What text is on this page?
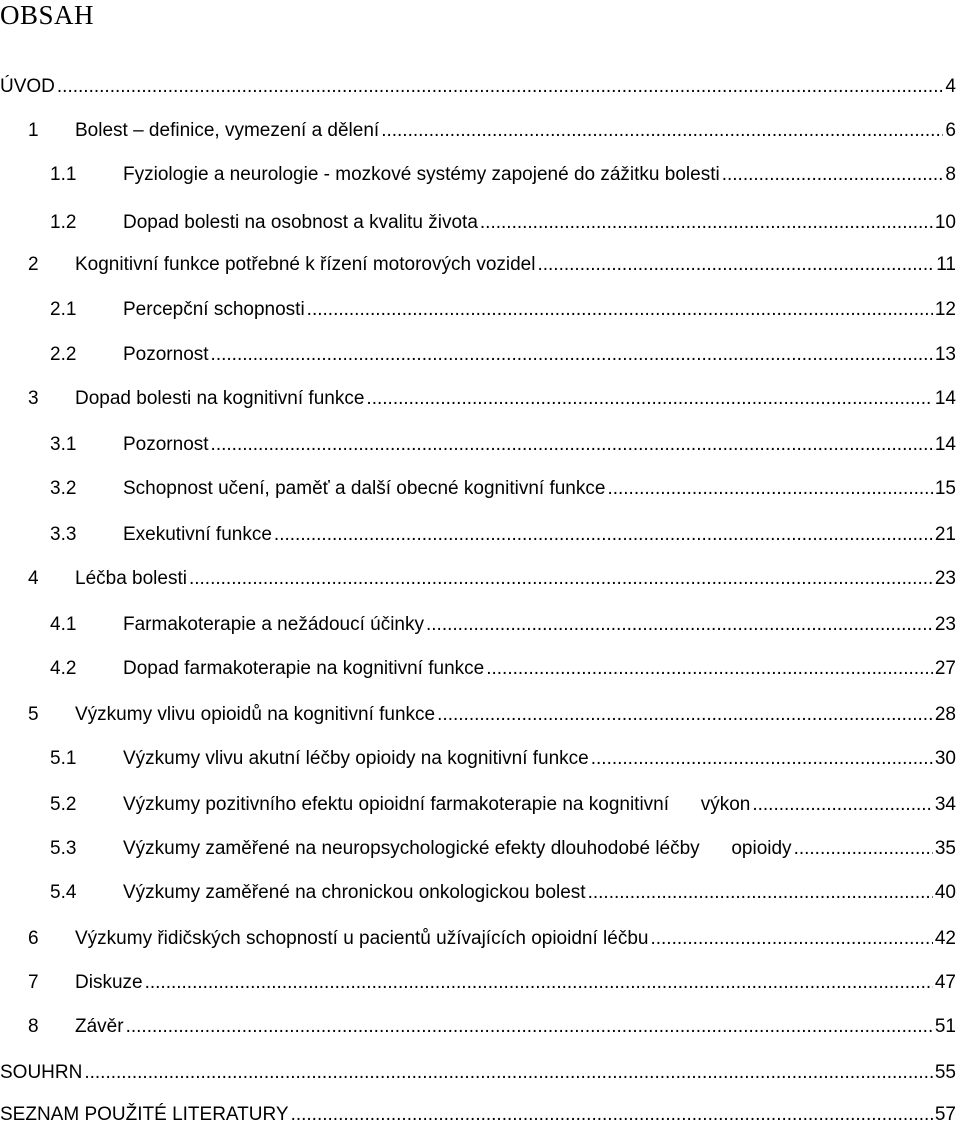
OBSAH
ÚVOD .....	4
1	Bolest – definice, vymezení a dělení .....	6
1.1	Fyziologie a neurologie - mozkové systémy zapojené do zážitku bolesti .....	8
1.2	Dopad bolesti na osobnost a kvalitu života .....	10
2	Kognitivní funkce potřebné k řízení motorových vozidel .....	11
2.1	Percepční schopnosti .....	12
2.2	Pozornost .....	13
3	Dopad bolesti na kognitivní funkce .....	14
3.1	Pozornost .....	14
3.2	Schopnost učení, paměť a další obecné kognitivní funkce .....	15
3.3	Exekutivní funkce .....	21
4	Léčba bolesti .....	23
4.1	Farmakoterapie a nežádoucí účinky .....	23
4.2	Dopad farmakoterapie na kognitivní funkce .....	27
5	Výzkumy vlivu opioidů na kognitivní funkce .....	28
5.1	Výzkumy vlivu akutní léčby opioidy na kognitivní funkce .....	30
5.2	Výzkumy pozitivního efektu opioidní farmakoterapie na kognitivní      výkon .....	34
5.3	Výzkumy zaměřené na neuropsychologické efekty dlouhodobé léčby      opioidy .....	35
5.4	Výzkumy zaměřené na chronickou onkologickou bolest .....	40
6	Výzkumy řidičských schopností u pacientů užívajících opioidní léčbu .....	42
7	Diskuze .....	47
8	Závěr .....	51
SOUHRN .....	55
SEZNAM POUŽITÉ LITERATURY .....	57
